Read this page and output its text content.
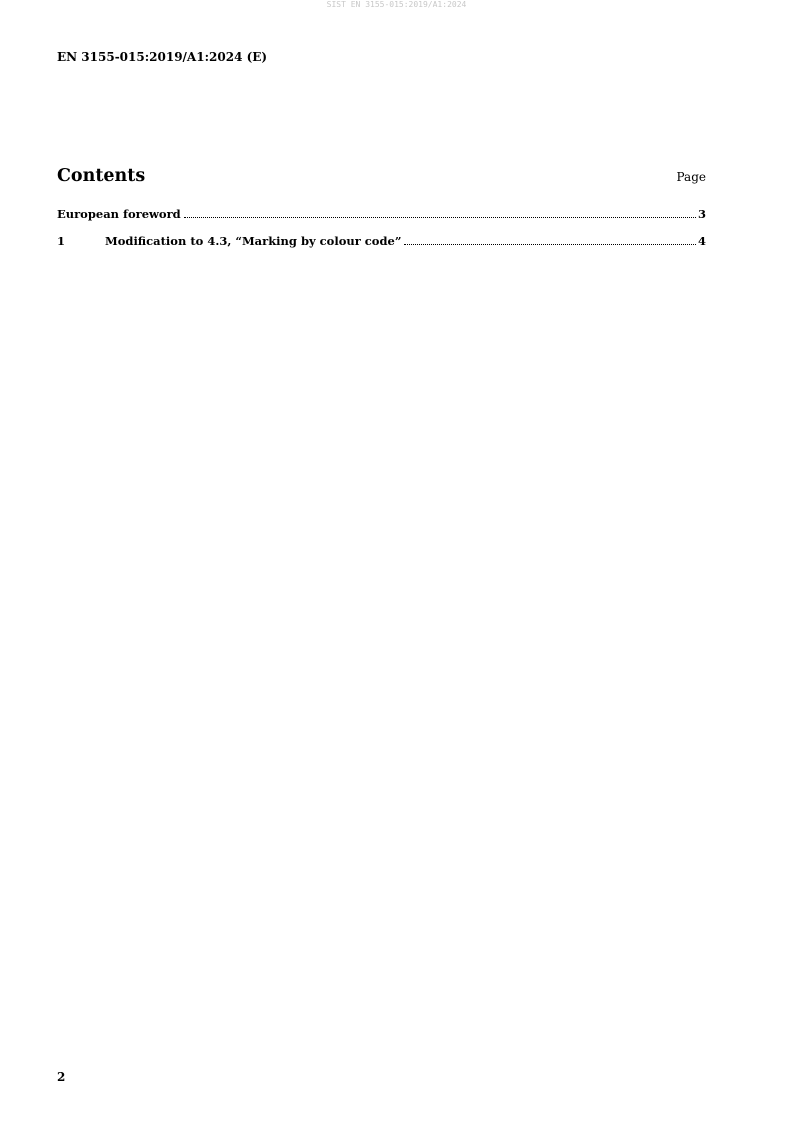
SIST EN 3155-015:2019/A1:2024
EN 3155-015:2019/A1:2024 (E)
Contents	Page
European foreword	3
1	Modification to 4.3, “Marking by colour code”	4
2
